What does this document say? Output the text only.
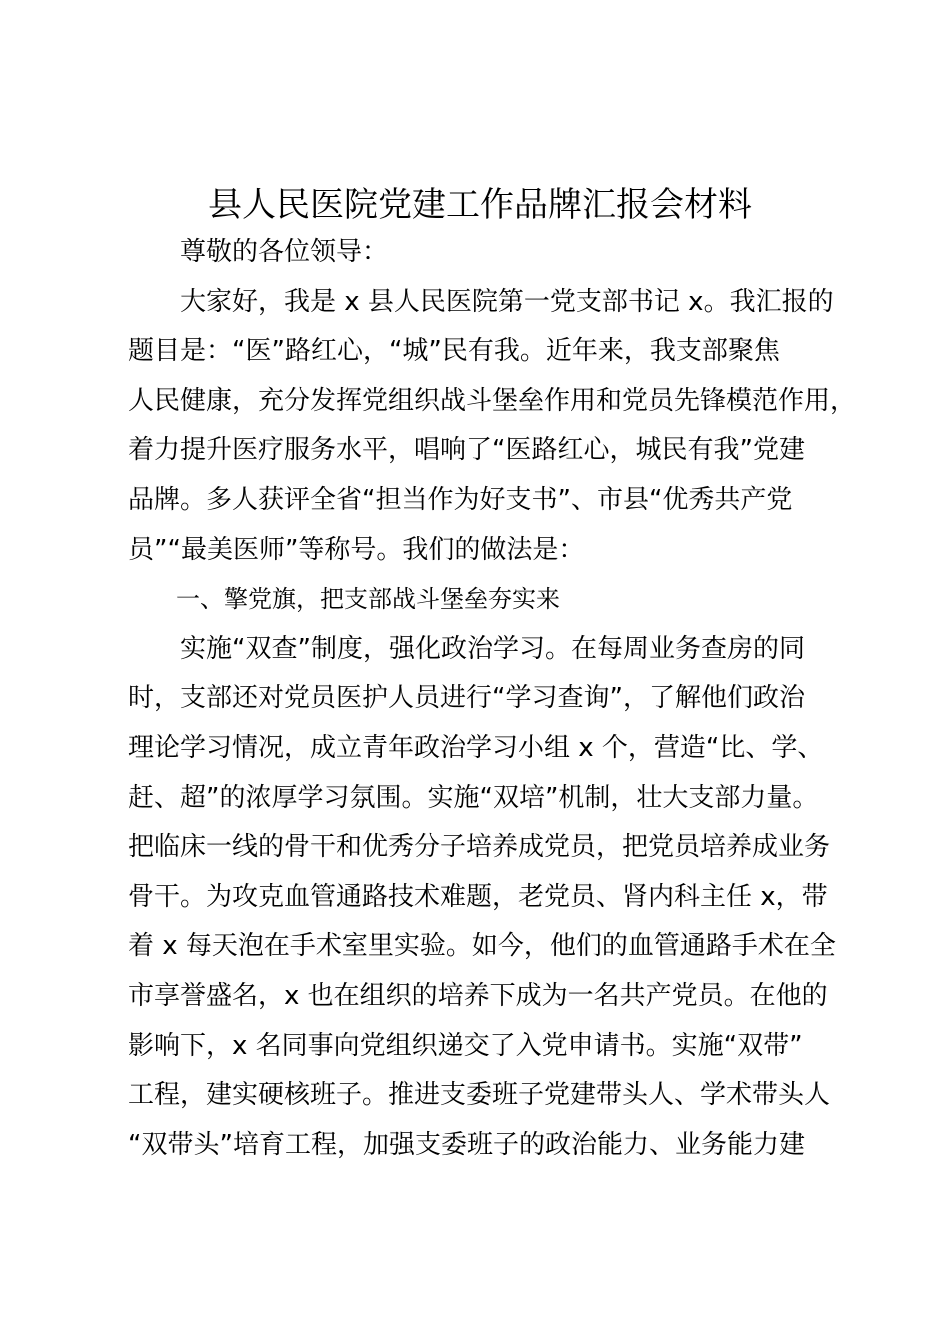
县人民医院党建工作品牌汇报会材料
　　尊敬的各位领导：
　　大家好，我是 x 县人民医院第一党支部书记 x。我汇报的
题目是：“医”路红心，“城”民有我。近年来，我支部聚焦
人民健康，充分发挥党组织战斗堡垒作用和党员先锋模范作用，
着力提升医疗服务水平，唱响了“医路红心，城民有我”党建
品牌。多人获评全省“担当作为好支书”、市县“优秀共产党
员”“最美医师”等称号。我们的做法是：
　　一、擎党旗，把支部战斗堡垒夯实来
　　实施“双查”制度，强化政治学习。在每周业务查房的同
时，支部还对党员医护人员进行“学习查询”，了解他们政治
理论学习情况，成立青年政治学习小组 x 个，营造“比、学、
赶、超”的浓厚学习氛围。实施“双培”机制，壮大支部力量。
把临床一线的骨干和优秀分子培养成党员，把党员培养成业务
骨干。为攻克血管通路技术难题，老党员、肾内科主任 x，带
着 x 每天泡在手术室里实验。如今，他们的血管通路手术在全
市享誉盛名，x 也在组织的培养下成为一名共产党员。在他的
影响下，x 名同事向党组织递交了入党申请书。实施“双带”
工程，建实硬核班子。推进支委班子党建带头人、学术带头人
“双带头”培育工程，加强支委班子的政治能力、业务能力建
